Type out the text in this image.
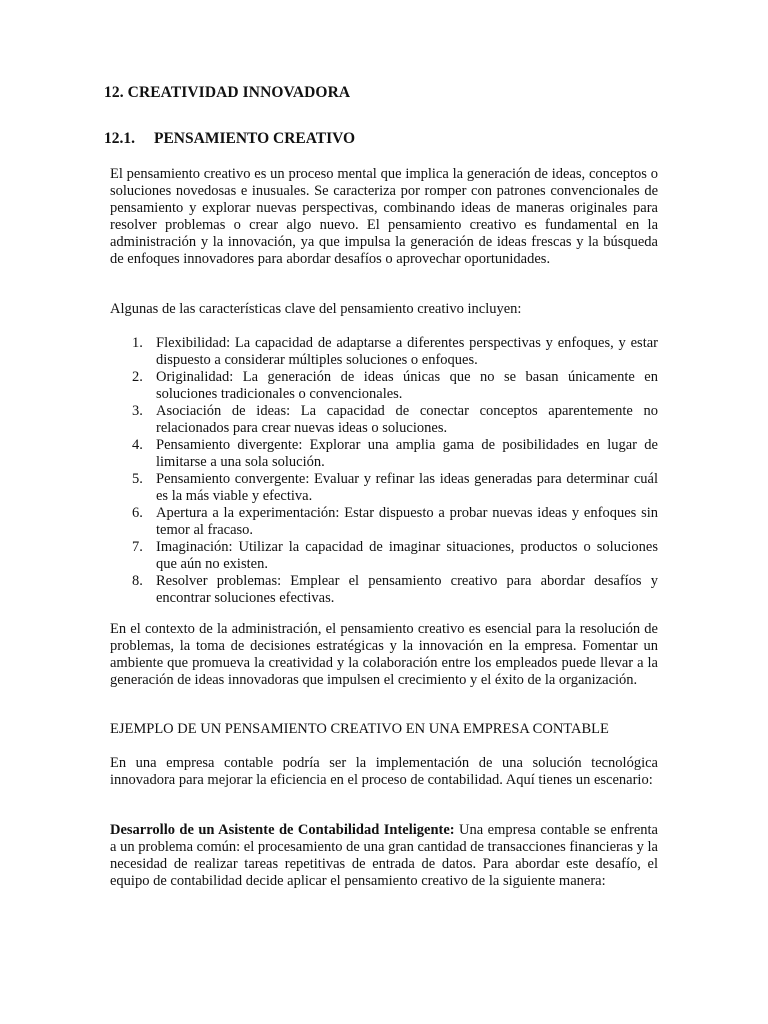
12. CREATIVIDAD INNOVADORA
12.1. PENSAMIENTO CREATIVO

El pensamiento creativo es un proceso mental que implica la generación de ideas, conceptos o soluciones novedosas e inusuales. Se caracteriza por romper con patrones convencionales de pensamiento y explorar nuevas perspectivas, combinando ideas de maneras originales para resolver problemas o crear algo nuevo. El pensamiento creativo es fundamental en la administración y la innovación, ya que impulsa la generación de ideas frescas y la búsqueda de enfoques innovadores para abordar desafíos o aprovechar oportunidades.

Algunas de las características clave del pensamiento creativo incluyen:

1. Flexibilidad: La capacidad de adaptarse a diferentes perspectivas y enfoques, y estar dispuesto a considerar múltiples soluciones o enfoques.
2. Originalidad: La generación de ideas únicas que no se basan únicamente en soluciones tradicionales o convencionales.
3. Asociación de ideas: La capacidad de conectar conceptos aparentemente no relacionados para crear nuevas ideas o soluciones.
4. Pensamiento divergente: Explorar una amplia gama de posibilidades en lugar de limitarse a una sola solución.
5. Pensamiento convergente: Evaluar y refinar las ideas generadas para determinar cuál es la más viable y efectiva.
6. Apertura a la experimentación: Estar dispuesto a probar nuevas ideas y enfoques sin temor al fracaso.
7. Imaginación: Utilizar la capacidad de imaginar situaciones, productos o soluciones que aún no existen.
8. Resolver problemas: Emplear el pensamiento creativo para abordar desafíos y encontrar soluciones efectivas.

En el contexto de la administración, el pensamiento creativo es esencial para la resolución de problemas, la toma de decisiones estratégicas y la innovación en la empresa. Fomentar un ambiente que promueva la creatividad y la colaboración entre los empleados puede llevar a la generación de ideas innovadoras que impulsen el crecimiento y el éxito de la organización.

EJEMPLO DE UN PENSAMIENTO CREATIVO EN UNA EMPRESA CONTABLE

En una empresa contable podría ser la implementación de una solución tecnológica innovadora para mejorar la eficiencia en el proceso de contabilidad. Aquí tienes un escenario:

Desarrollo de un Asistente de Contabilidad Inteligente: Una empresa contable se enfrenta a un problema común: el procesamiento de una gran cantidad de transacciones financieras y la necesidad de realizar tareas repetitivas de entrada de datos. Para abordar este desafío, el equipo de contabilidad decide aplicar el pensamiento creativo de la siguiente manera:
